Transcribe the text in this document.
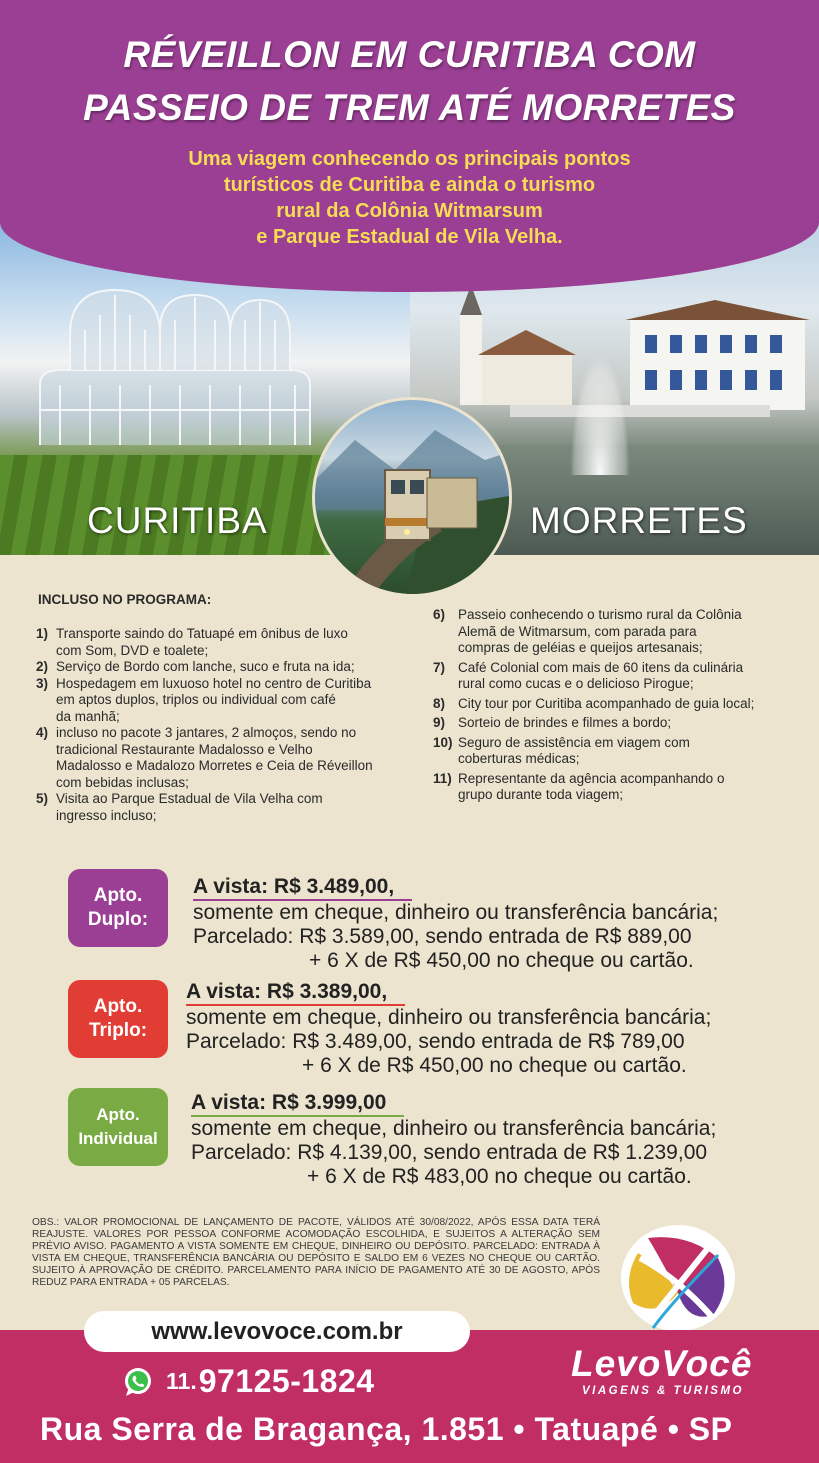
RÉVEILLON EM CURITIBA COM
PASSEIO DE TREM ATÉ MORRETES
Uma viagem conhecendo os principais pontos
turísticos de Curitiba e ainda o turismo
rural da Colônia Witmarsum
e Parque Estadual de Vila Velha.
CURITIBA	MORRETES
INCLUSO NO PROGRAMA:
1) Transporte saindo do Tatuapé em ônibus de luxo
com Som, DVD e toalete;
2) Serviço de Bordo com lanche, suco e fruta na ida;
3) Hospedagem em luxuoso hotel no centro de Curitiba
em aptos duplos, triplos ou individual com café
da manhã;
4) incluso no pacote 3 jantares, 2 almoços, sendo no
tradicional Restaurante Madalosso e Velho
Madalosso e Madalozo Morretes e Ceia de Réveillon
com bebidas inclusas;
5) Visita ao Parque Estadual de Vila Velha com
ingresso incluso;
6) Passeio conhecendo o turismo rural da Colônia
Alemã de Witmarsum, com parada para
compras de geléias e queijos artesanais;
7) Café Colonial com mais de 60 itens da culinária
rural como cucas e o delicioso Pirogue;
8) City tour por Curitiba acompanhado de guia local;
9) Sorteio de brindes e filmes a bordo;
10) Seguro de assistência em viagem com
coberturas médicas;
11) Representante da agência acompanhando o
grupo durante toda viagem;
Apto.
Duplo:
A vista: R$ 3.489,00,
somente em cheque, dinheiro ou transferência bancária;
Parcelado: R$ 3.589,00, sendo entrada de R$ 889,00
+ 6 X de R$ 450,00 no cheque ou cartão.
Apto.
Triplo:
A vista: R$ 3.389,00,
somente em cheque, dinheiro ou transferência bancária;
Parcelado: R$ 3.489,00, sendo entrada de R$ 789,00
+ 6 X de R$ 450,00 no cheque ou cartão.
Apto.
Individual
A vista: R$ 3.999,00
somente em cheque, dinheiro ou transferência bancária;
Parcelado: R$ 4.139,00, sendo entrada de R$ 1.239,00
+ 6 X de R$ 483,00 no cheque ou cartão.
OBS.: VALOR PROMOCIONAL DE LANÇAMENTO DE PACOTE, VÁLIDOS ATÉ 30/08/2022, APÓS ESSA DATA TERÁ REAJUSTE. VALORES POR PESSOA CONFORME ACOMODAÇÃO ESCOLHIDA, E SUJEITOS A ALTERAÇÃO SEM PRÉVIO AVISO. PAGAMENTO A VISTA SOMENTE EM CHEQUE, DINHEIRO OU DEPÓSITO. PARCELADO: ENTRADA À VISTA EM CHEQUE, TRANSFERÊNCIA BANCÁRIA OU DEPÓSITO E SALDO EM 6 VEZES NO CHEQUE OU CARTÃO. SUJEITO À APROVAÇÃO DE CRÉDITO. PARCELAMENTO PARA INÍCIO DE PAGAMENTO ATÉ 30 DE AGOSTO, APÓS REDUZ PARA ENTRADA + 05 PARCELAS.
www.levovoce.com.br
11. 97125-1824	LevoVocê
VIAGENS & TURISMO
Rua Serra de Bragança, 1.851 • Tatuapé • SP
